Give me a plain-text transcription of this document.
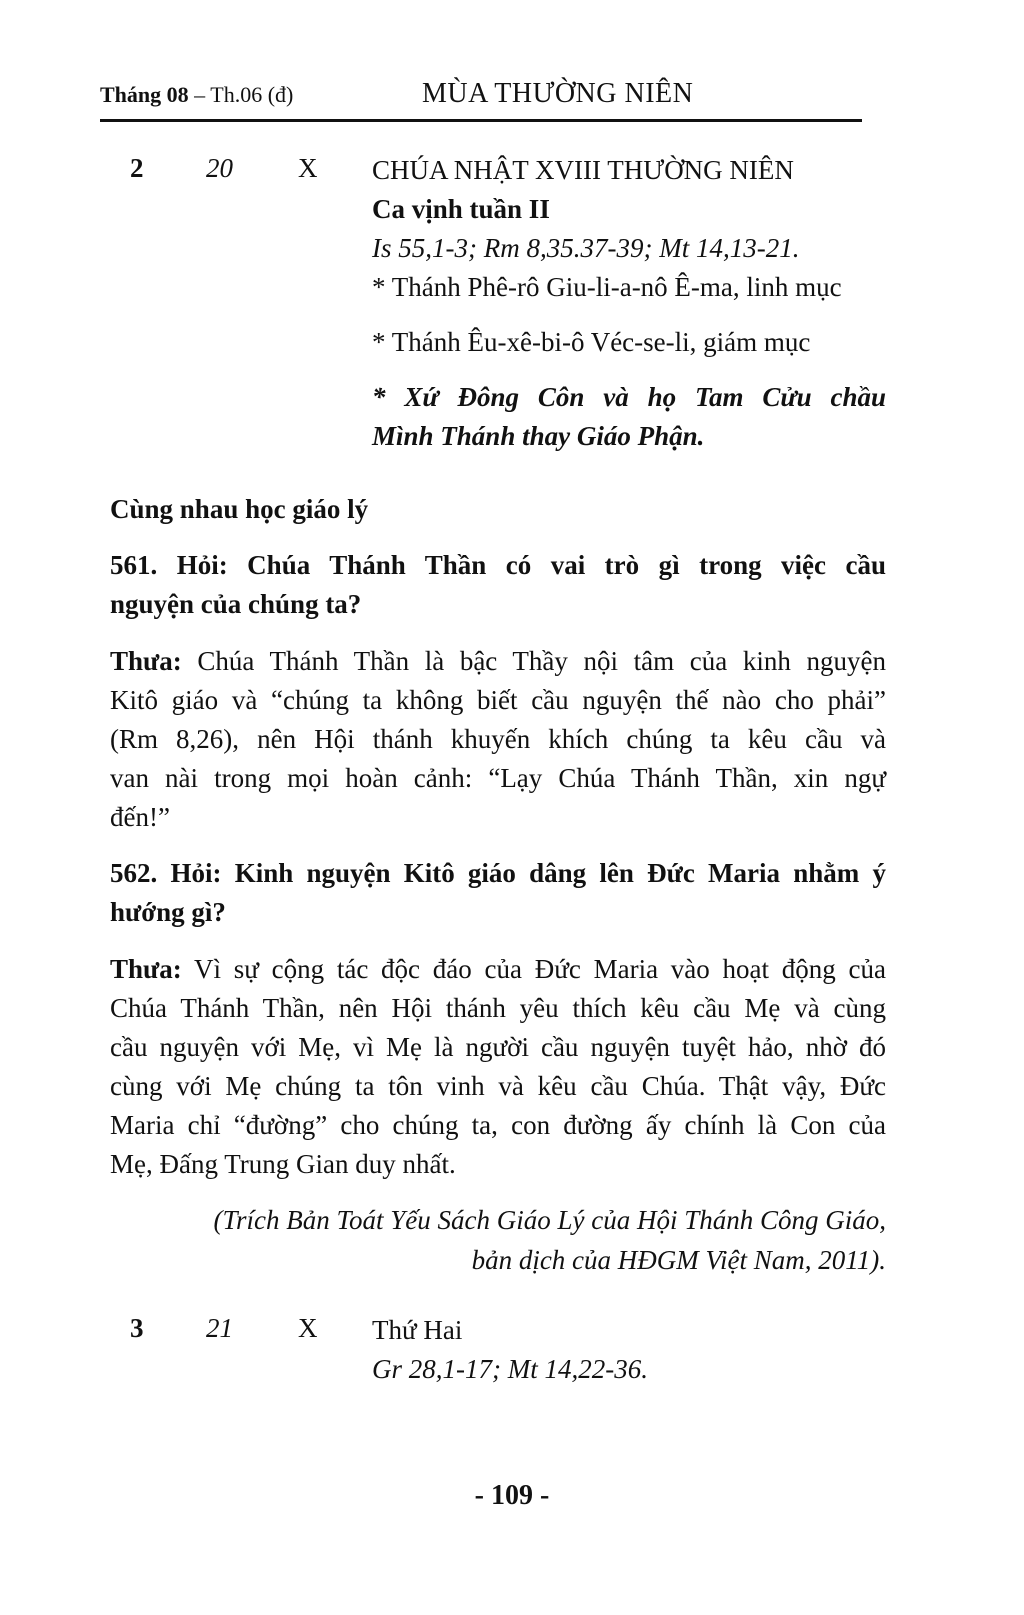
Tháng 08 – Th.06 (đ)	MÙA THƯỜNG NIÊN
2 20 X CHÚA NHẬT XVIII THƯỜNG NIÊN
Ca vịnh tuần II
Is 55,1-3; Rm 8,35.37-39; Mt 14,13-21.
* Thánh Phê-rô Giu-li-a-nô Ê-ma, linh mục
* Thánh Êu-xê-bi-ô Véc-se-li, giám mục
* Xứ Đông Côn và họ Tam Cửu chầu
Mình Thánh thay Giáo Phận.
Cùng nhau học giáo lý
561. Hỏi: Chúa Thánh Thần có vai trò gì trong việc cầu
nguyện của chúng ta?
Thưa: Chúa Thánh Thần là bậc Thầy nội tâm của kinh nguyện
Kitô giáo và “chúng ta không biết cầu nguyện thế nào cho phải”
(Rm 8,26), nên Hội thánh khuyến khích chúng ta kêu cầu và
van nài trong mọi hoàn cảnh: “Lạy Chúa Thánh Thần, xin ngự
đến!”
562. Hỏi: Kinh nguyện Kitô giáo dâng lên Đức Maria nhằm ý
hướng gì?
Thưa: Vì sự cộng tác độc đáo của Đức Maria vào hoạt động của
Chúa Thánh Thần, nên Hội thánh yêu thích kêu cầu Mẹ và cùng
cầu nguyện với Mẹ, vì Mẹ là người cầu nguyện tuyệt hảo, nhờ đó
cùng với Mẹ chúng ta tôn vinh và kêu cầu Chúa. Thật vậy, Đức
Maria chỉ “đường” cho chúng ta, con đường ấy chính là Con của
Mẹ, Đấng Trung Gian duy nhất.
(Trích Bản Toát Yếu Sách Giáo Lý của Hội Thánh Công Giáo,
bản dịch của HĐGM Việt Nam, 2011).
3 21 X Thứ Hai
Gr 28,1-17; Mt 14,22-36.
- 109 -
